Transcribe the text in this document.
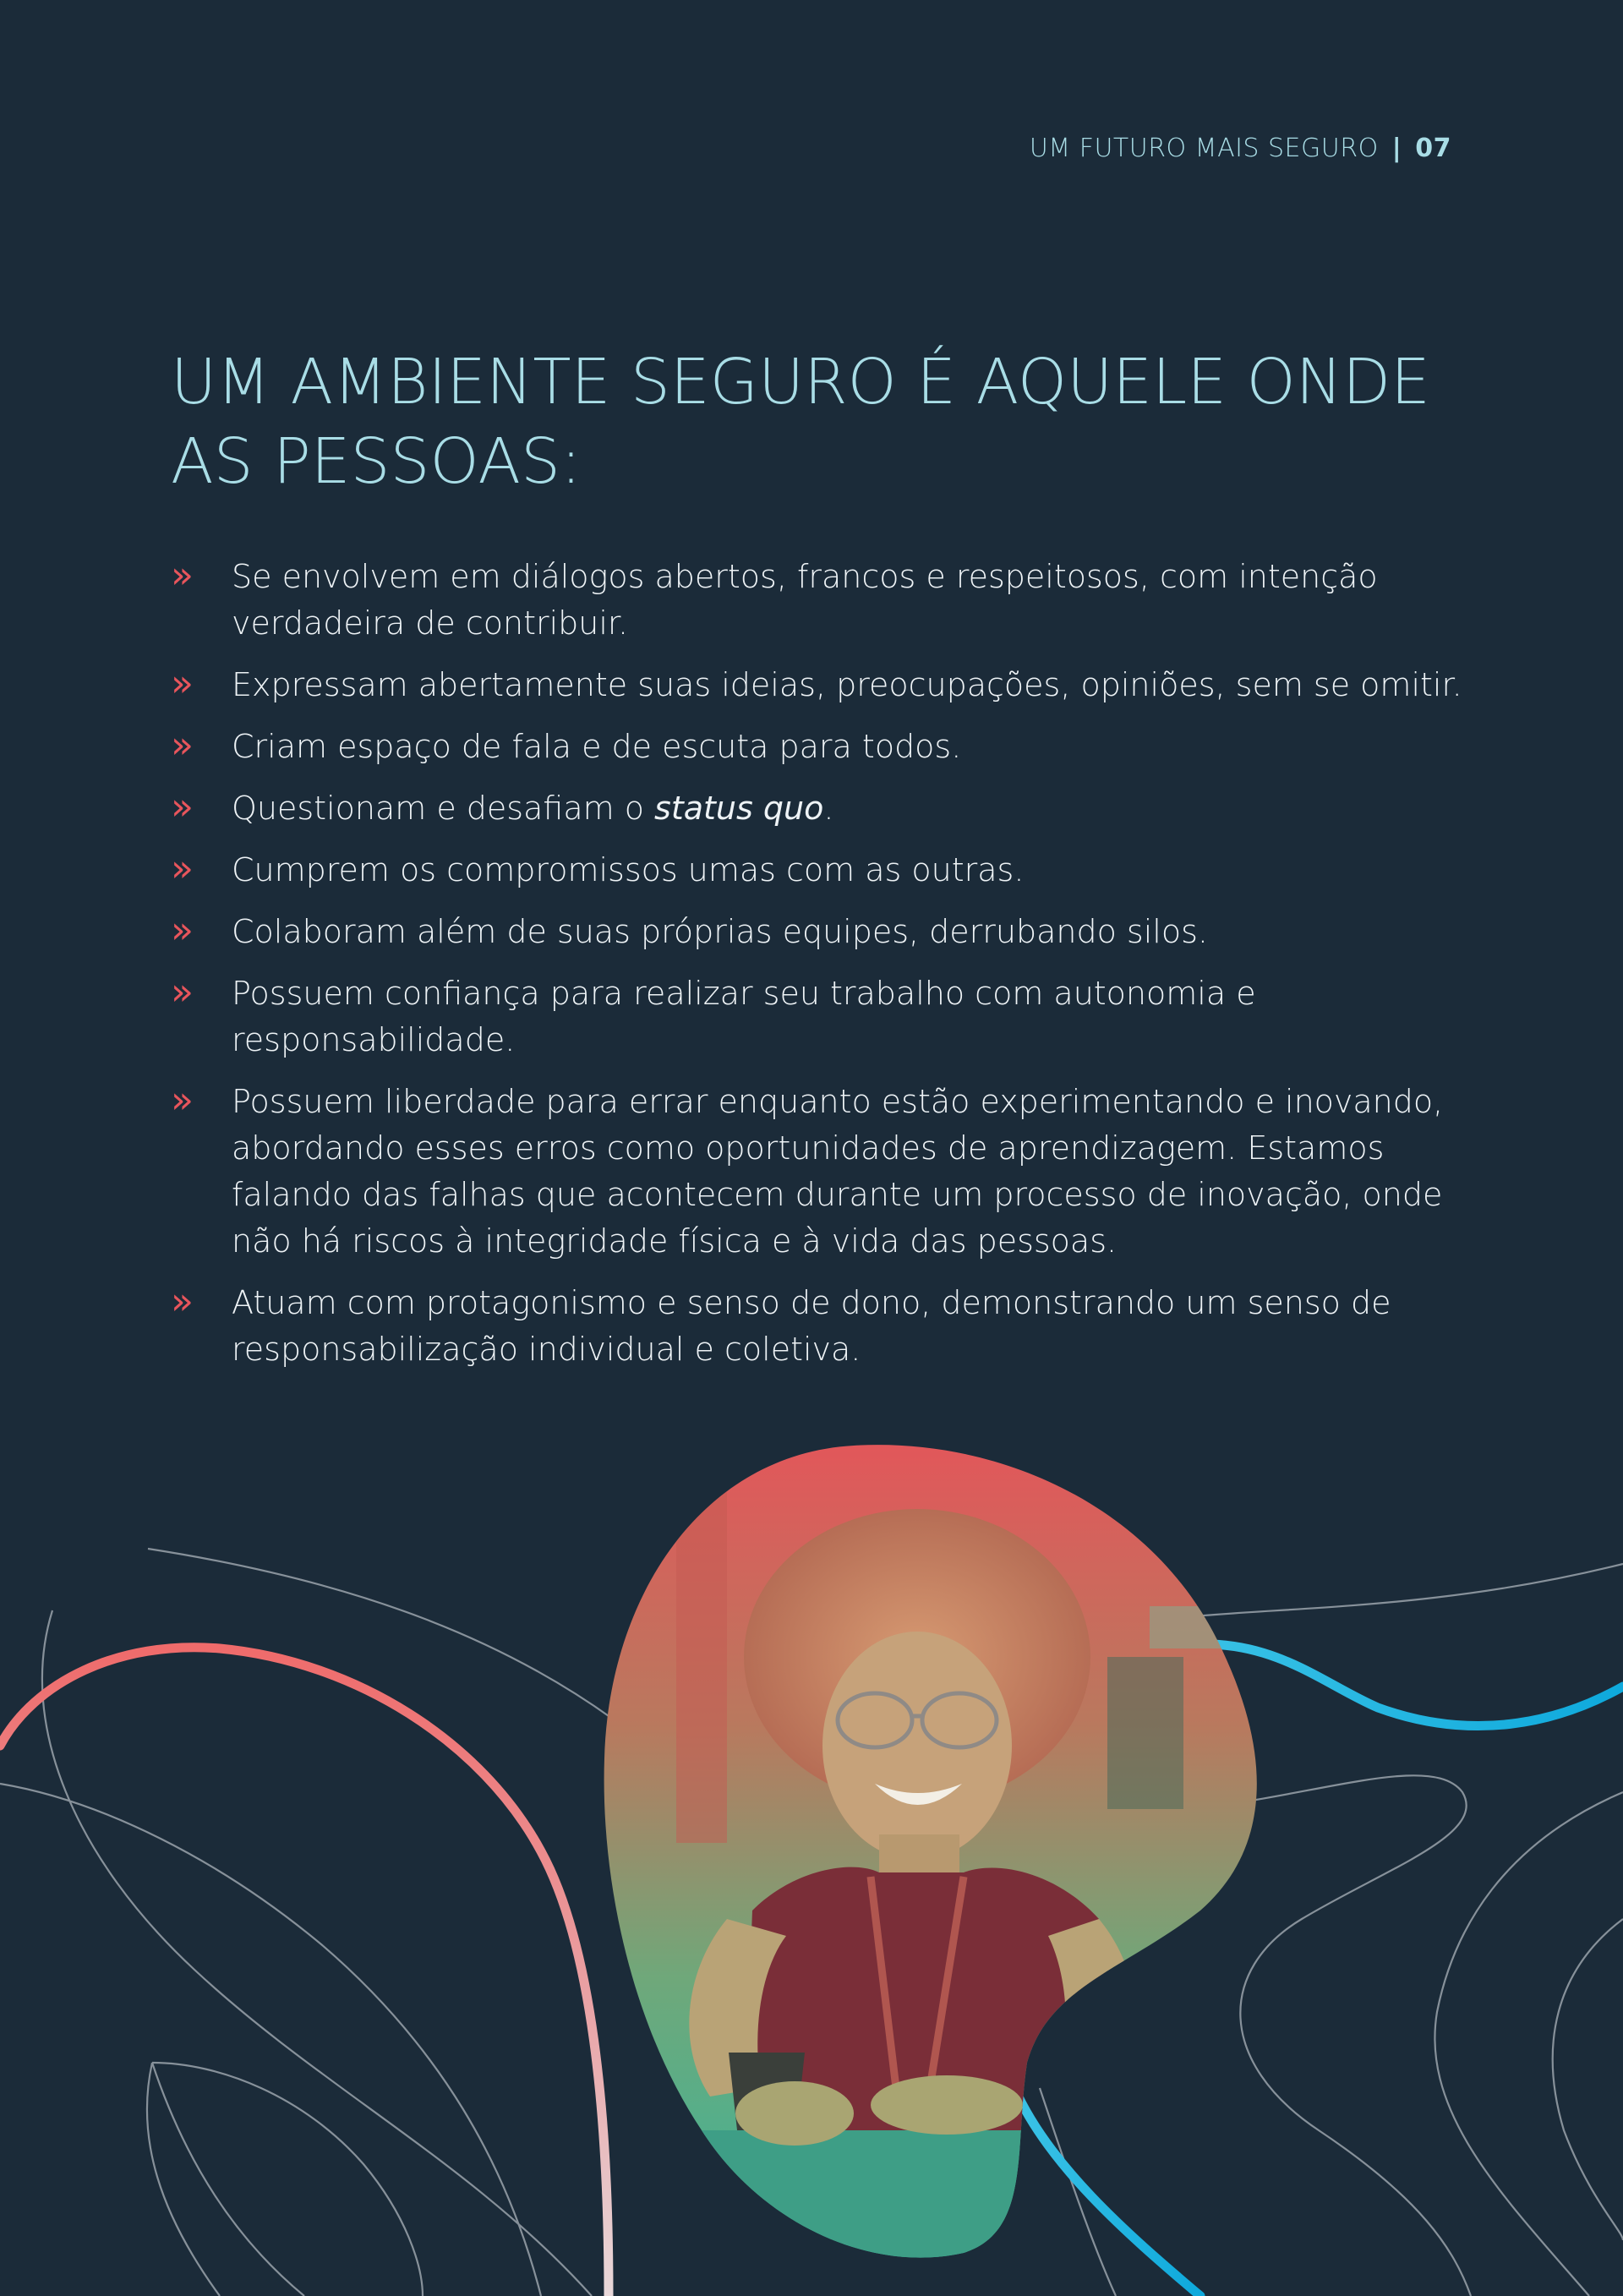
UM FUTURO MAIS SEGURO | 07
UM AMBIENTE SEGURO É AQUELE ONDE AS PESSOAS:
» Se envolvem em diálogos abertos, francos e respeitosos, com intenção verdadeira de contribuir.
» Expressam abertamente suas ideias, preocupações, opiniões, sem se omitir.
» Criam espaço de fala e de escuta para todos.
» Questionam e desafiam o status quo.
» Cumprem os compromissos umas com as outras.
» Colaboram além de suas próprias equipes, derrubando silos.
» Possuem confiança para realizar seu trabalho com autonomia e responsabilidade.
» Possuem liberdade para errar enquanto estão experimentando e inovando, abordando esses erros como oportunidades de aprendizagem. Estamos falando das falhas que acontecem durante um processo de inovação, onde não há riscos à integridade física e à vida das pessoas.
» Atuam com protagonismo e senso de dono, demonstrando um senso de responsabilização individual e coletiva.
